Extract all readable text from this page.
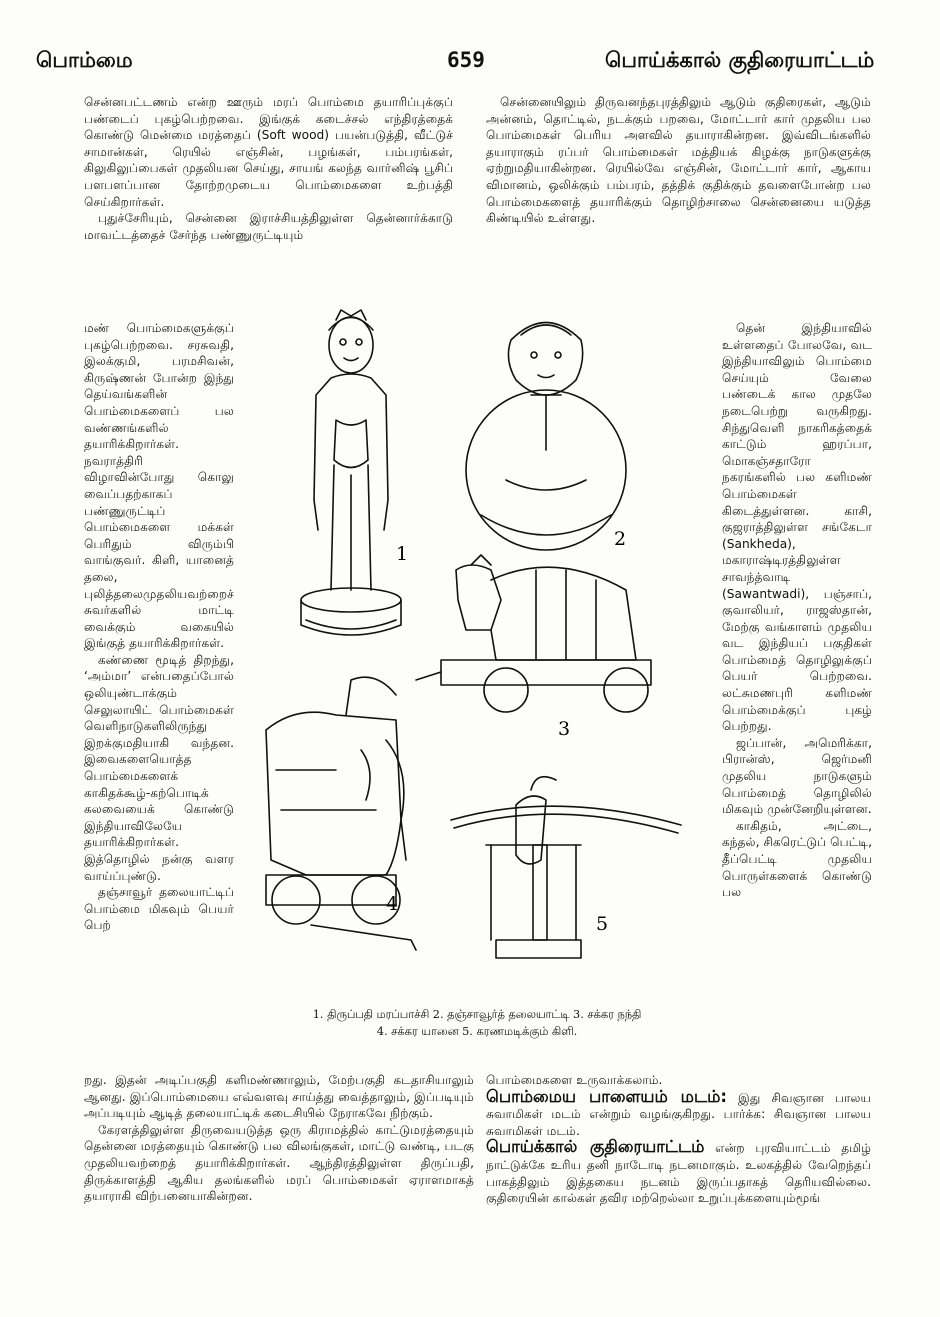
பொம்மை	659	பொய்க்கால் குதிரையாட்டம்

சென்னபட்டணம் என்ற ஊரும் மரப் பொம்மை தயாரிப்புக்குப் பண்டைப் புகழ்பெற்றவை. இங்குக் கடைச்சல் எந்திரத்தைக் கொண்டு மென்மை மரத்தைப் (Soft wood) பயன்படுத்தி, வீட்டுச் சாமான்கள், ரெயில் எஞ்சின், பழங்கள், பம்பரங்கள், கிலுகிலுப்பைகள் முதலியன செய்து, சாயங் கலந்த வார்னிஷ் பூசிப் பளபளப்பான தோற்றமுடைய பொம்மைகளை உற்பத்தி செய்கிறார்கள்.

புதுச்சேரியும், சென்னை இராச்சியத்திலுள்ள தென்னார்க்காடு மாவட்டத்தைச் சேர்ந்த பண்ணுருட்டியும்

சென்னையிலும் திருவனந்தபுரத்திலும் ஆடும் குதிரைகள், ஆடும் அன்னம், தொட்டில், நடக்கும் பறவை, மோட்டார் கார் முதலிய பல பொம்மைகள் பெரிய அளவில் தயாராகின்றன. இவ்விடங்களில் தயாராகும் ரப்பர் பொம்மைகள் மத்தியக் கிழக்கு நாடுகளுக்கு ஏற்றுமதியாகின்றன. ரெயில்வே எஞ்சின், மோட்டார் கார், ஆகாய விமானம், ஒலிக்கும் பம்பரம், தத்திக் குதிக்கும் தவளைபோன்ற பல பொம்மைகளைத் தயாரிக்கும் தொழிற்சாலை சென்னையை யடுத்த கிண்டியில் உள்ளது.

மண் பொம்மைகளுக்குப் புகழ்பெற்றவை. சரசுவதி, இலக்குமி, பரமசிவன், கிருஷ்ணன் போன்ற இந்து தெய்வங்களின் பொம்மைகளைப் பல வண்ணங்களில் தயாரிக்கிறார்கள். நவராத்திரி விழாவின்போது கொலு வைப்பதற்காகப் பண்ணுருட்டிப் பொம்மைகளை மக்கள் பெரிதும் விரும்பி வாங்குவர். கிளி, யானைத் தலை, புலித்தலைமுதலியவற்றைச் சுவர்களில் மாட்டி வைக்கும் வகையில் இங்குத் தயாரிக்கிறார்கள்.

கண்ணை மூடித் திறந்து, ‘அம்மா’ என்பதைப்போல் ஒலியுண்டாக்கும் செலுலாயிட் பொம்மைகள் வெளிநாடுகளிலிருந்து இறக்குமதியாகி வந்தன. இவைகளையொத்த பொம்மைகளைக் காகிதக்கூழ்-கற்பொடிக் கலவையைக் கொண்டு இந்தியாவிலேயே தயாரிக்கிறார்கள். இத்தொழில் நன்கு வளர வாய்ப்புண்டு.

தஞ்சாவூர் தலையாட்டிப் பொம்மை மிகவும் பெயர் பெற்

தென் இந்தியாவில் உள்ளதைப் போலவே, வட இந்தியாவிலும் பொம்மை செய்யும் வேலை பண்டைக் கால முதலே நடைபெற்று வருகிறது. சிந்துவெளி நாகரிகத்தைக் காட்டும் ஹரப்பா, மொகஞ்சதாரோ நகரங்களில் பல களிமண் பொம்மைகள் கிடைத்துள்ளன. காசி, குஜராத்திலுள்ள சங்கேடா (Sankheda), மகாராஷ்டிரத்திலுள்ள சாவந்த்வாடி (Sawantwadi), பஞ்சாப், குவாலியர், ராஜஸ்தான், மேற்கு வங்காளம் முதலிய வட இந்தியப் பகுதிகள் பொம்மைத் தொழிலுக்குப் பெயர் பெற்றவை. லட்சுமணபுரி களிமண் பொம்மைக்குப் புகழ் பெற்றது.

ஜப்பான், அமெரிக்கா, பிரான்ஸ், ஜெர்மனி முதலிய நாடுகளும் பொம்மைத் தொழிலில் மிகவும் முன்னேறியுள்ளன.

காகிதம், அட்டை, கந்தல், சிகரெட்டுப் பெட்டி, தீப்பெட்டி முதலிய பொருள்களைக் கொண்டு பல

2
1
3
4
5
1. திருப்பதி மரப்பாச்சி 2. தஞ்சாவூர்த் தலையாட்டி 3. சக்கர நந்தி
4. சக்கர யானை 5. கரணமடிக்கும் கிளி.

றது. இதன் அடிப்பகுதி களிமண்ணாலும், மேற்பகுதி கடதாசியாலும் ஆனது. இப்பொம்மையை எவ்வளவு சாய்த்து வைத்தாலும், இப்படியும் அப்படியும் ஆடித் தலையாட்டிக் கடைசியில் நேராகவே நிற்கும்.

கேரளத்திலுள்ள திருவையடுத்த ஒரு கிராமத்தில் காட்டுமரத்தையும் தென்னை மரத்தையும் கொண்டு பல விலங்குகள், மாட்டு வண்டி, படகு முதலியவற்றைத் தயாரிக்கிறார்கள். ஆந்திரத்திலுள்ள திருப்பதி, திருக்காளத்தி ஆகிய தலங்களில் மரப் பொம்மைகள் ஏராளமாகத் தயாராகி விற்பனையாகின்றன.

பொம்மைகளை உருவாக்கலாம்.

பொம்மைய பாளையம் மடம்: இது சிவஞான பாலய சுவாமிகள் மடம் என்றும் வழங்குகிறது. பார்க்க: சிவஞான பாலய சுவாமிகள் மடம்.

பொய்க்கால் குதிரையாட்டம் என்ற புரவியாட்டம் தமிழ் நாட்டுக்கே உரிய தனி நாடோடி நடனமாகும். உலகத்தில் வேறெந்தப் பாகத்திலும் இத்தகைய நடனம் இருப்பதாகத் தெரியவில்லை. குதிரையின் கால்கள் தவிர மற்றெல்லா உறுப்புக்களையும்மூங்
